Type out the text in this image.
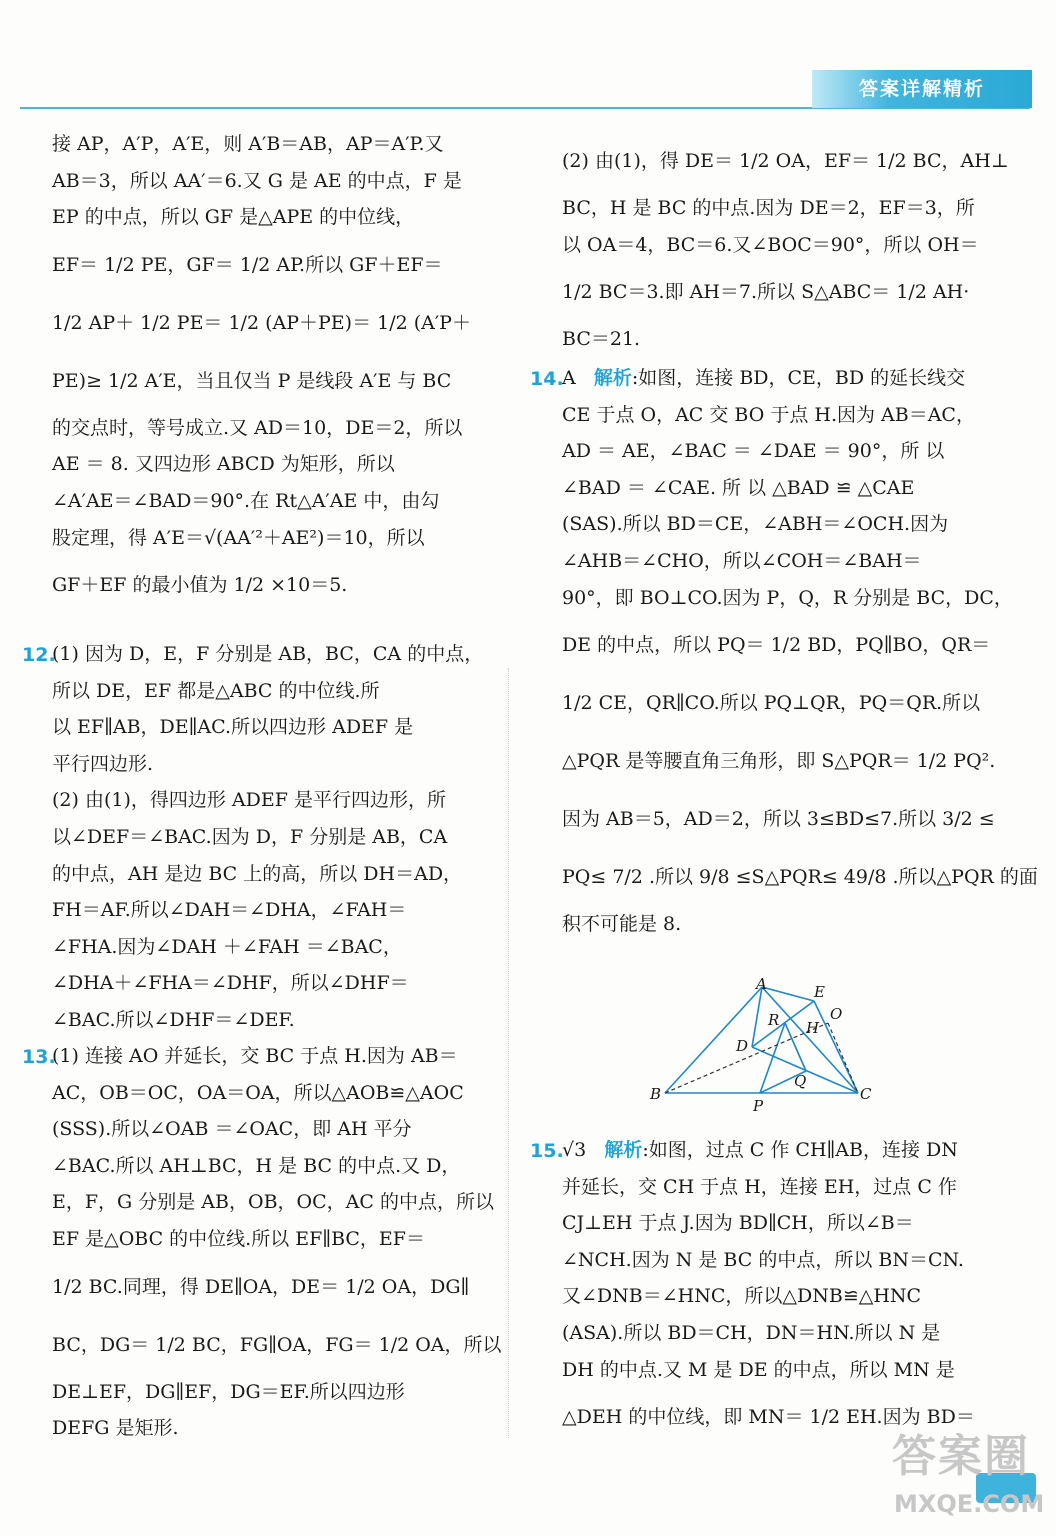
答案详解精析
接 AP，A′P，A′E，则 A′B＝AB，AP＝A′P.又
AB＝3，所以 AA′＝6.又 G 是 AE 的中点，F 是
EP 的中点，所以 GF 是△APE 的中位线，
EF＝ 1/2 PE，GF＝ 1/2 AP.所以 GF＋EF＝
1/2 AP＋ 1/2 PE＝ 1/2 (AP＋PE)＝ 1/2 (A′P＋
PE)≥ 1/2 A′E，当且仅当 P 是线段 A′E 与 BC
的交点时，等号成立.又 AD＝10，DE＝2，所以
AE ＝ 8. 又四边形 ABCD 为矩形，所以
∠A′AE＝∠BAD＝90°.在 Rt△A′AE 中，由勾
股定理，得 A′E＝√(AA′²＋AE²)＝10，所以
GF＋EF 的最小值为 1/2 ×10＝5.
12.
(1) 因为 D，E，F 分别是 AB，BC，CA 的中点，
所以 DE，EF 都是△ABC 的中位线.所
以 EF∥AB，DE∥AC.所以四边形 ADEF 是
平行四边形.
(2) 由(1)，得四边形 ADEF 是平行四边形，所
以∠DEF＝∠BAC.因为 D，F 分别是 AB，CA
的中点，AH 是边 BC 上的高，所以 DH＝AD，
FH＝AF.所以∠DAH＝∠DHA，∠FAH＝
∠FHA.因为∠DAH ＋∠FAH ＝∠BAC，
∠DHA＋∠FHA＝∠DHF，所以∠DHF＝
∠BAC.所以∠DHF＝∠DEF.
13.
(1) 连接 AO 并延长，交 BC 于点 H.因为 AB＝
AC，OB＝OC，OA＝OA，所以△AOB≌△AOC
(SSS).所以∠OAB ＝∠OAC，即 AH 平分
∠BAC.所以 AH⊥BC，H 是 BC 的中点.又 D，
E，F，G 分别是 AB，OB，OC，AC 的中点，所以
EF 是△OBC 的中位线.所以 EF∥BC，EF＝
1/2 BC.同理，得 DE∥OA，DE＝ 1/2 OA，DG∥
BC，DG＝ 1/2 BC，FG∥OA，FG＝ 1/2 OA，所以
DE⊥EF，DG∥EF，DG＝EF.所以四边形
DEFG 是矩形.
(2) 由(1)，得 DE＝ 1/2 OA，EF＝ 1/2 BC，AH⊥
BC，H 是 BC 的中点.因为 DE＝2，EF＝3，所
以 OA＝4，BC＝6.又∠BOC＝90°，所以 OH＝
1/2 BC＝3.即 AH＝7.所以 S△ABC＝ 1/2 AH·
BC＝21.
14.
A 解析:如图，连接 BD，CE，BD 的延长线交
CE 于点 O，AC 交 BO 于点 H.因为 AB＝AC，
AD ＝ AE，∠BAC ＝ ∠DAE ＝ 90°，所 以
∠BAD ＝ ∠CAE. 所 以 △BAD ≌ △CAE
(SAS).所以 BD＝CE，∠ABH＝∠OCH.因为
∠AHB＝∠CHO，所以∠COH＝∠BAH＝
90°，即 BO⊥CO.因为 P，Q，R 分别是 BC，DC，
DE 的中点，所以 PQ＝ 1/2 BD，PQ∥BO，QR＝
1/2 CE，QR∥CO.所以 PQ⊥QR，PQ＝QR.所以
△PQR 是等腰直角三角形，即 S△PQR＝ 1/2 PQ².
因为 AB＝5，AD＝2，所以 3≤BD≤7.所以 3/2 ≤
PQ≤ 7/2 .所以 9/8 ≤S△PQR≤ 49/8 .所以△PQR 的面
积不可能是 8.
A	E
O
R H
D
Q
B
P
C
15.
√3 解析:如图，过点 C 作 CH∥AB，连接 DN
并延长，交 CH 于点 H，连接 EH，过点 C 作
CJ⊥EH 于点 J.因为 BD∥CH，所以∠B＝
∠NCH.因为 N 是 BC 的中点，所以 BN＝CN.
又∠DNB＝∠HNC，所以△DNB≌△HNC
(ASA).所以 BD＝CH，DN＝HN.所以 N 是
DH 的中点.又 M 是 DE 的中点，所以 MN 是
△DEH 的中位线，即 MN＝ 1/2 EH.因为 BD＝
答案圈
MXQE.COM
